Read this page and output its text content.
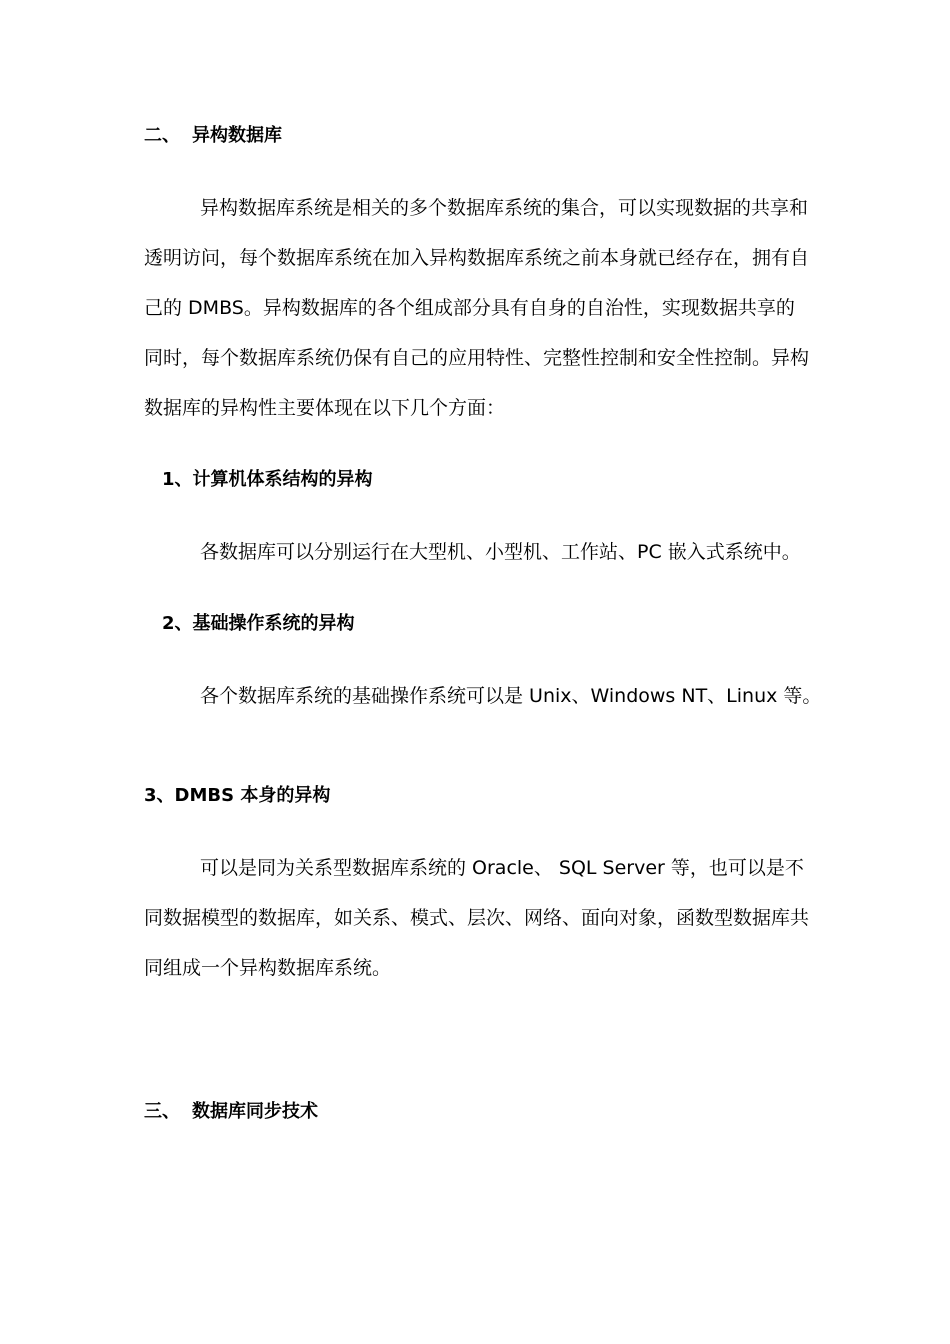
二、 异构数据库
异构数据库系统是相关的多个数据库系统的集合，可以实现数据的共享和
透明访问，每个数据库系统在加入异构数据库系统之前本身就已经存在，拥有自
己的 DMBS。异构数据库的各个组成部分具有自身的自治性，实现数据共享的
同时，每个数据库系统仍保有自己的应用特性、完整性控制和安全性控制。异构
数据库的异构性主要体现在以下几个方面：
1、计算机体系结构的异构
各数据库可以分别运行在大型机、小型机、工作站、PC 嵌入式系统中。
2、基础操作系统的异构
各个数据库系统的基础操作系统可以是 Unix、Windows NT、Linux 等。
3、DMBS 本身的异构
可以是同为关系型数据库系统的 Oracle、 SQL Server 等，也可以是不
同数据模型的数据库，如关系、模式、层次、网络、面向对象，函数型数据库共
同组成一个异构数据库系统。
三、 数据库同步技术
